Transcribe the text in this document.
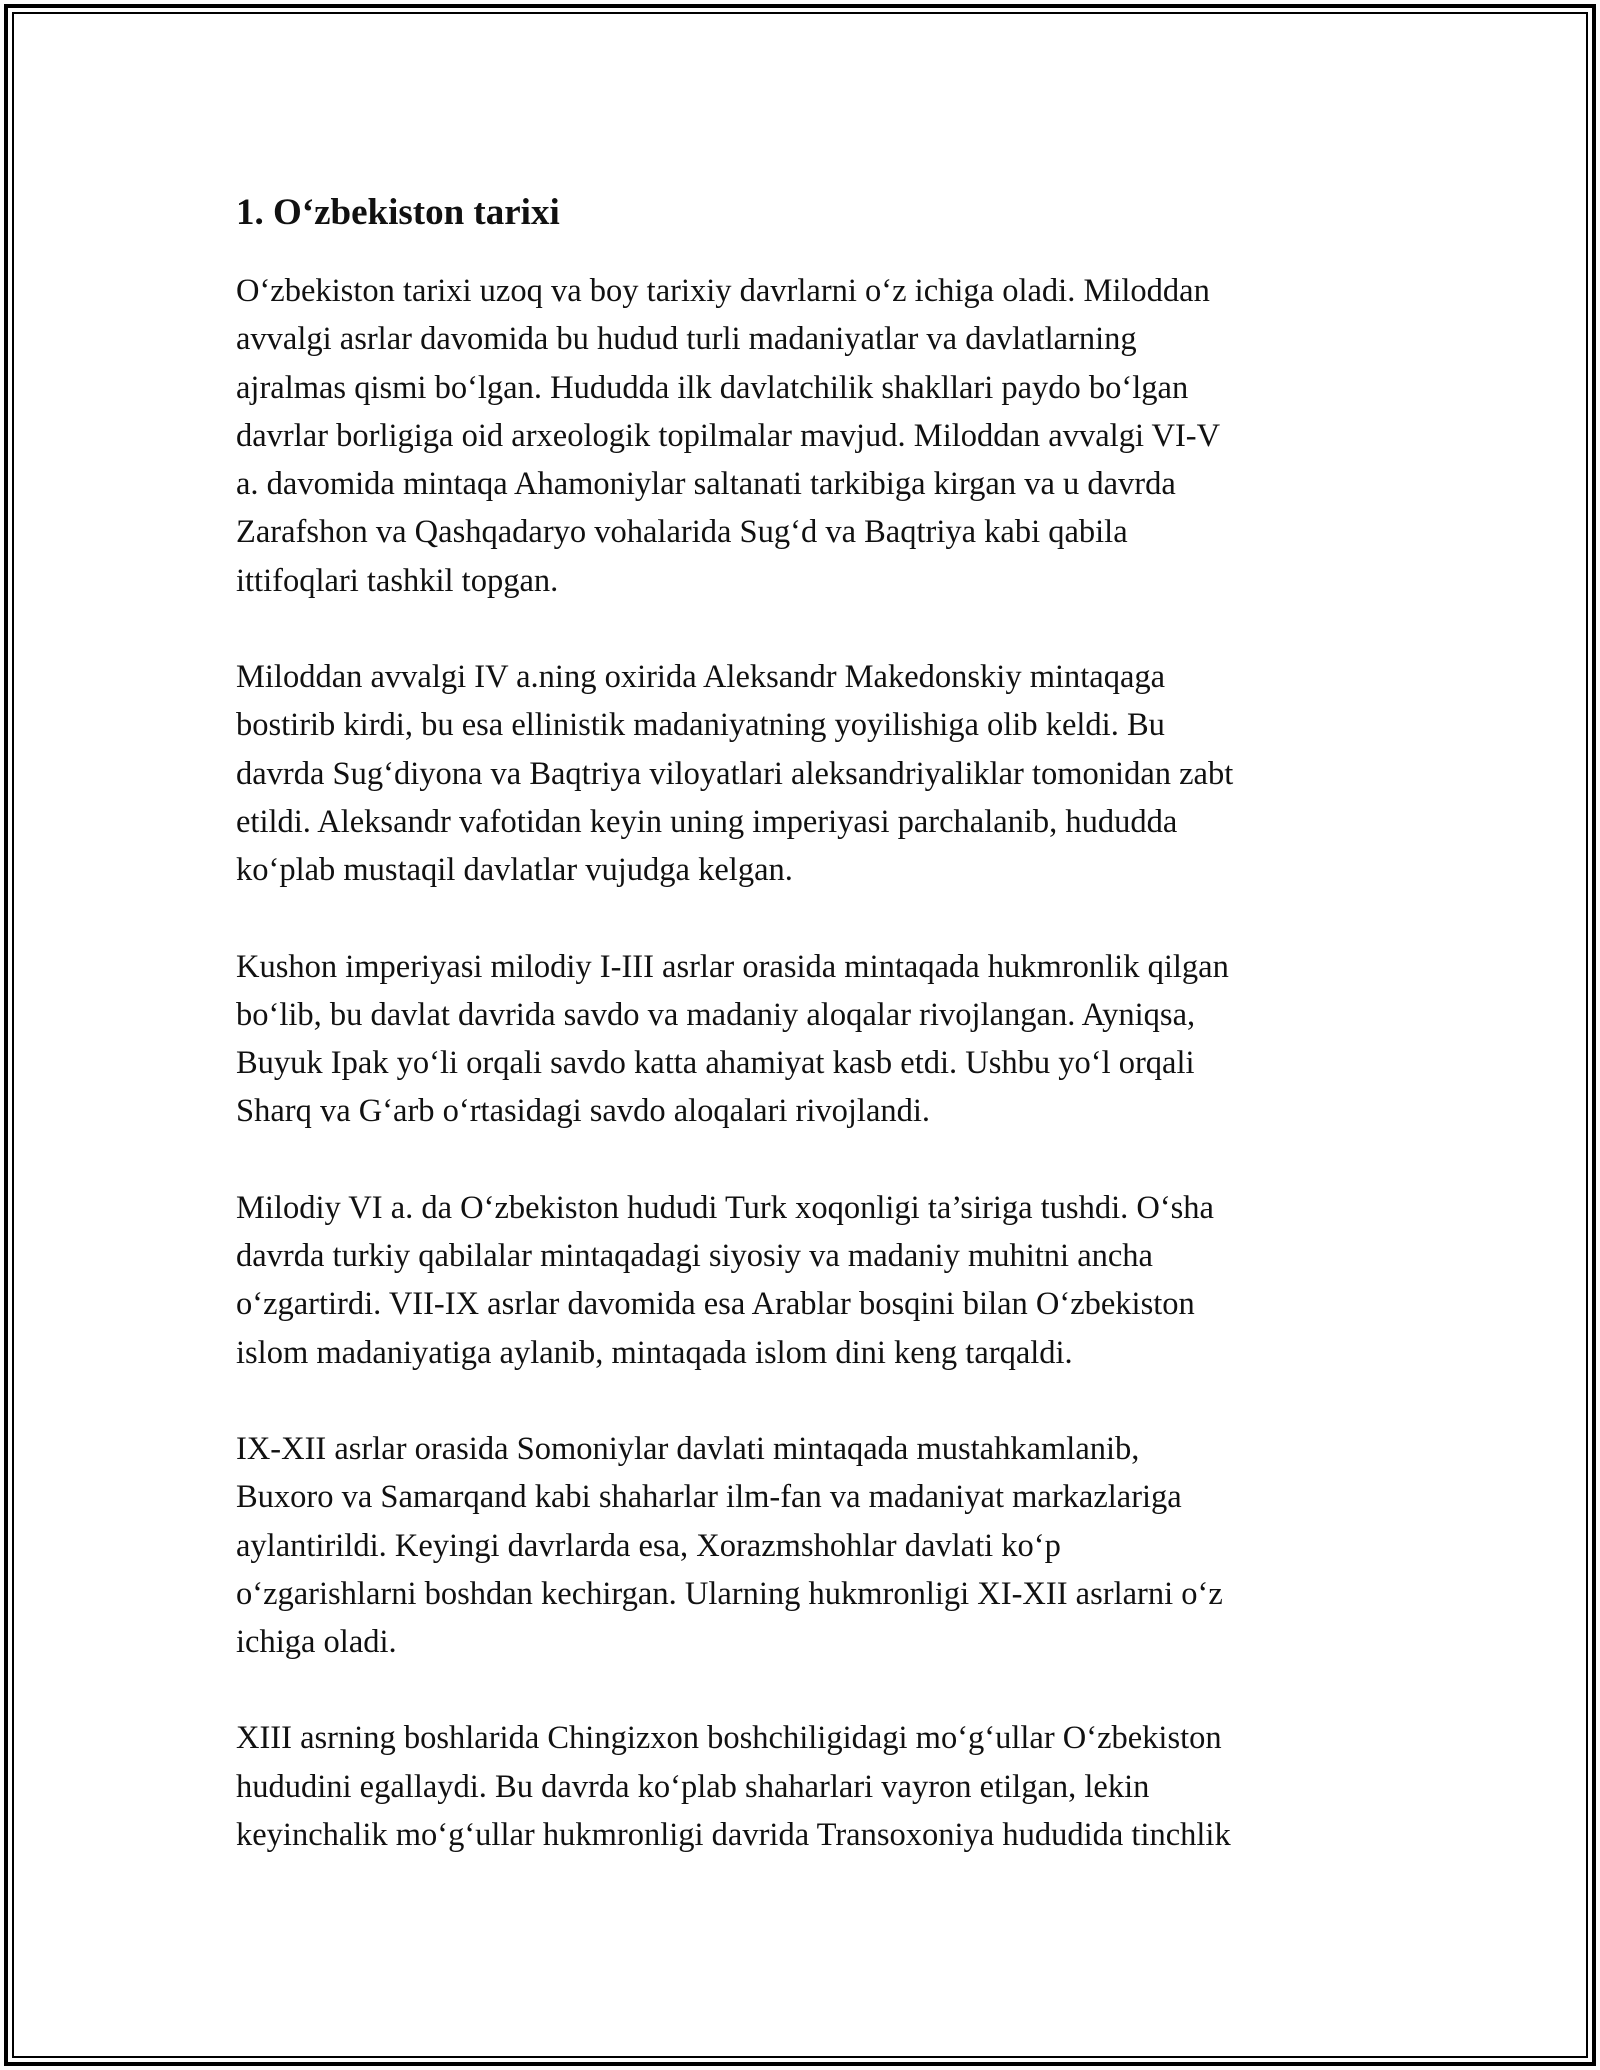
1. O‘zbekiston tarixi

O‘zbekiston tarixi uzoq va boy tarixiy davrlarni o‘z ichiga oladi. Miloddan
avvalgi asrlar davomida bu hudud turli madaniyatlar va davlatlarning
ajralmas qismi bo‘lgan. Hududda ilk davlatchilik shakllari paydo bo‘lgan
davrlar borligiga oid arxeologik topilmalar mavjud. Miloddan avvalgi VI-V
a. davomida mintaqa Ahamoniylar saltanati tarkibiga kirgan va u davrda
Zarafshon va Qashqadaryo vohalarida Sug‘d va Baqtriya kabi qabila
ittifoqlari tashkil topgan.

Miloddan avvalgi IV a.ning oxirida Aleksandr Makedonskiy mintaqaga
bostirib kirdi, bu esa ellinistik madaniyatning yoyilishiga olib keldi. Bu
davrda Sug‘diyona va Baqtriya viloyatlari aleksandriyaliklar tomonidan zabt
etildi. Aleksandr vafotidan keyin uning imperiyasi parchalanib, hududda
ko‘plab mustaqil davlatlar vujudga kelgan.

Kushon imperiyasi milodiy I-III asrlar orasida mintaqada hukmronlik qilgan
bo‘lib, bu davlat davrida savdo va madaniy aloqalar rivojlangan. Ayniqsa,
Buyuk Ipak yo‘li orqali savdo katta ahamiyat kasb etdi. Ushbu yo‘l orqali
Sharq va G‘arb o‘rtasidagi savdo aloqalari rivojlandi.

Milodiy VI a. da O‘zbekiston hududi Turk xoqonligi ta’siriga tushdi. O‘sha
davrda turkiy qabilalar mintaqadagi siyosiy va madaniy muhitni ancha
o‘zgartirdi. VII-IX asrlar davomida esa Arablar bosqini bilan O‘zbekiston
islom madaniyatiga aylanib, mintaqada islom dini keng tarqaldi.

IX-XII asrlar orasida Somoniylar davlati mintaqada mustahkamlanib,
Buxoro va Samarqand kabi shaharlar ilm-fan va madaniyat markazlariga
aylantirildi. Keyingi davrlarda esa, Xorazmshohlar davlati ko‘p
o‘zgarishlarni boshdan kechirgan. Ularning hukmronligi XI-XII asrlarni o‘z
ichiga oladi.

XIII asrning boshlarida Chingizxon boshchiligidagi mo‘g‘ullar O‘zbekiston
hududini egallaydi. Bu davrda ko‘plab shaharlari vayron etilgan, lekin
keyinchalik mo‘g‘ullar hukmronligi davrida Transoxoniya hududida tinchlik
